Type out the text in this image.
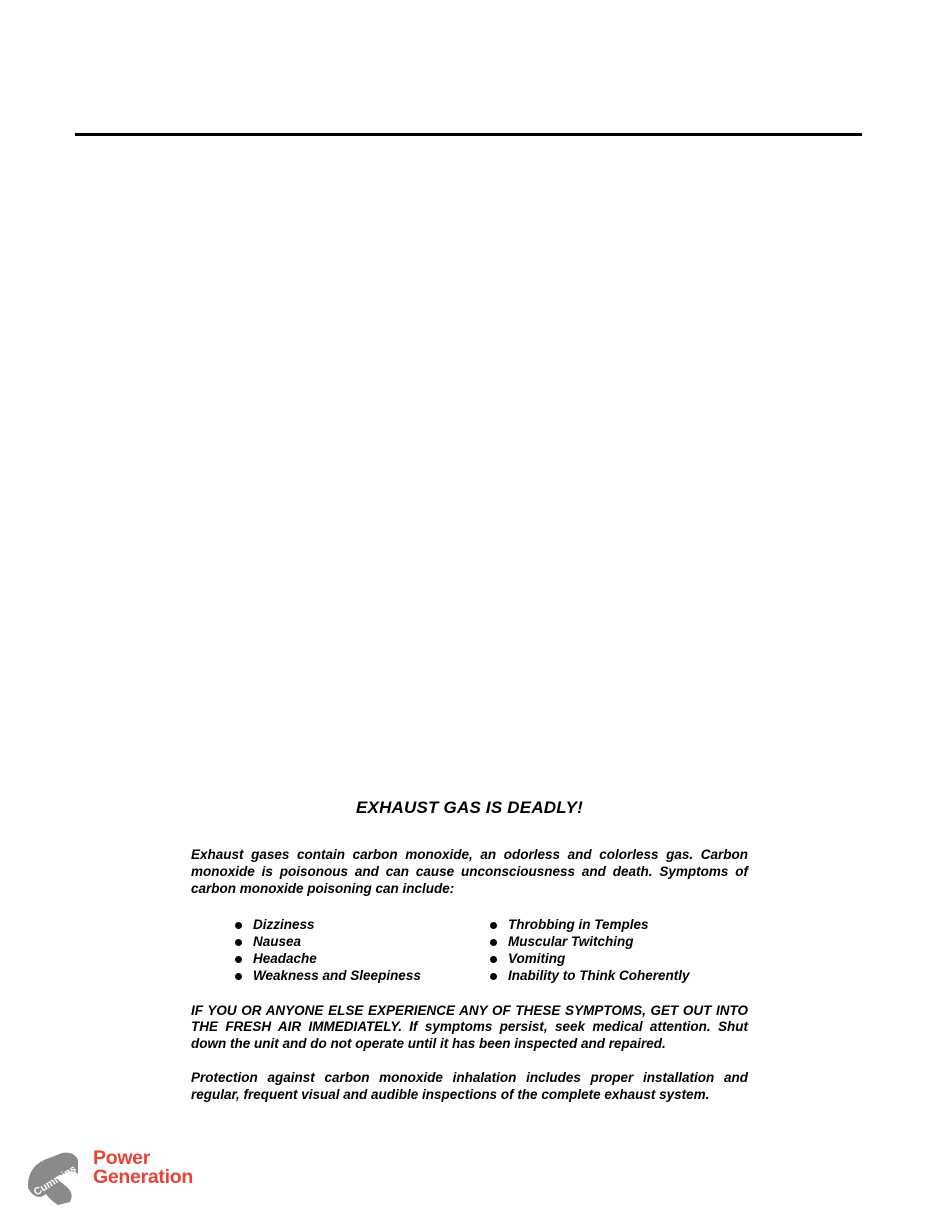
EXHAUST GAS IS DEADLY!

Exhaust gases contain carbon monoxide, an odorless and colorless gas. Carbon monoxide is poisonous and can cause unconsciousness and death. Symptoms of carbon monoxide poisoning can include:

Dizziness
Nausea
Headache
Weakness and Sleepiness
Throbbing in Temples
Muscular Twitching
Vomiting
Inability to Think Coherently

IF YOU OR ANYONE ELSE EXPERIENCE ANY OF THESE SYMPTOMS, GET OUT INTO THE FRESH AIR IMMEDIATELY. If symptoms persist, seek medical attention. Shut down the unit and do not operate until it has been inspected and repaired.

Protection against carbon monoxide inhalation includes proper installation and regular, frequent visual and audible inspections of the complete exhaust system.

Cummins
Power
Generation
